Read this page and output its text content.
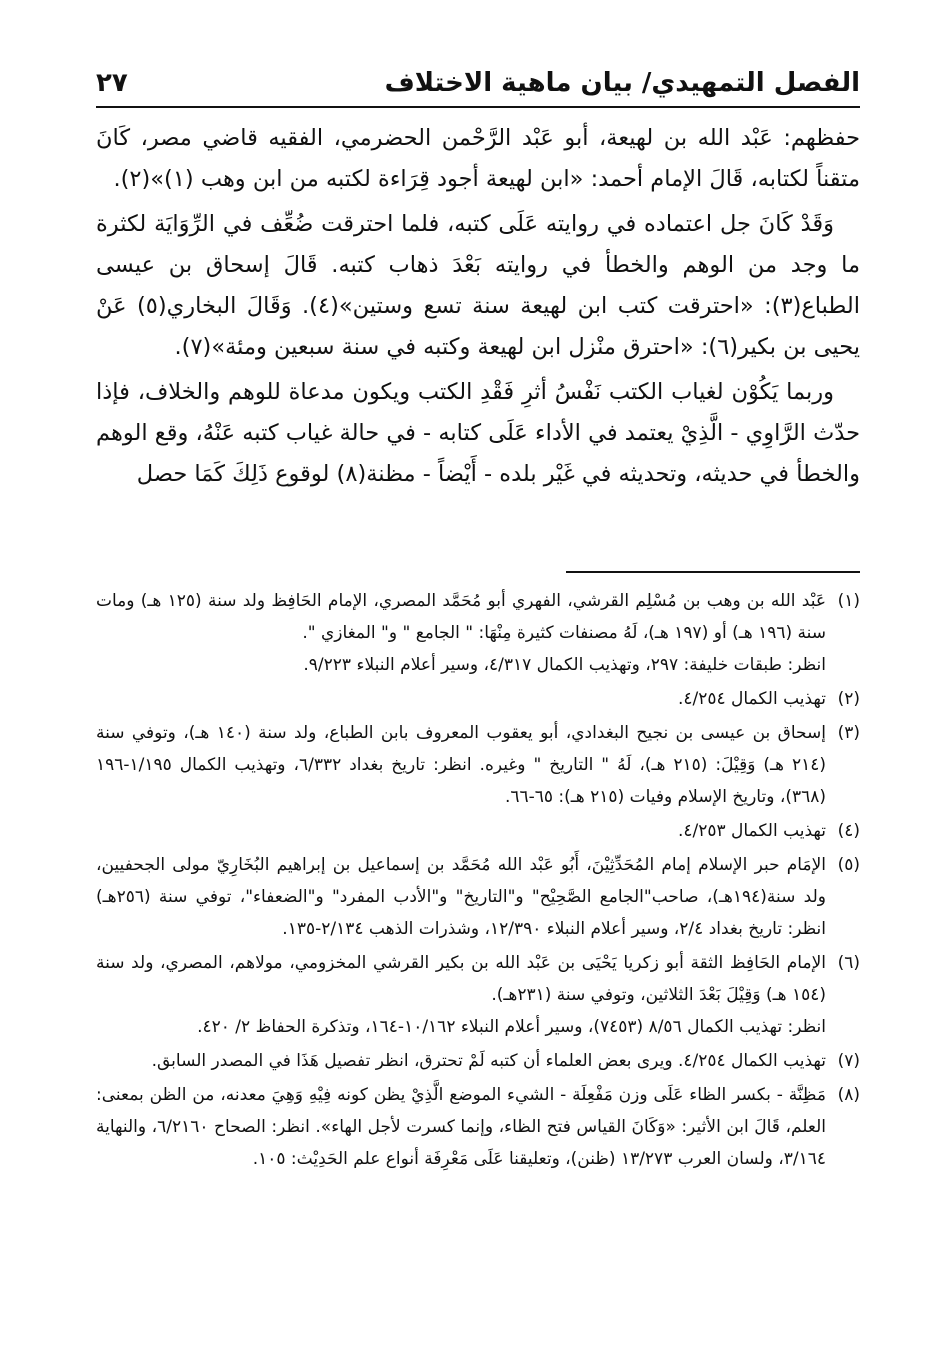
الفصل التمهيدي/ بيان ماهية الاختلاف
٢٧

حفظهم: عَبْد الله بن لهيعة، أبو عَبْد الرَّحْمن الحضرمي، الفقيه قاضي مصر، كَانَ متقناً لكتابه، قَالَ الإمام أحمد: «ابن لهيعة أجود قِرَاءة لكتبه من ابن وهب (١)»(٢).

وَقَدْ كَانَ جل اعتماده في روايته عَلَى كتبه، فلما احترقت ضُعِّف في الرِّوَايَة لكثرة ما وجد من الوهم والخطأ في روايته بَعْدَ ذهاب كتبه. قَالَ إسحاق بن عيسى الطباع(٣): «احترقت كتب ابن لهيعة سنة تسع وستين»(٤). وَقَالَ البخاري(٥) عَنْ يحيى بن بكير(٦): «احترق منْزل ابن لهيعة وكتبه في سنة سبعين ومئة»(٧).

وربما يَكُوْن لغياب الكتب نَفْسُ أثرِ فَقْدِ الكتب ويكون مدعاة للوهم والخلاف، فإذا حدّث الرَّاوِي - الَّذِيْ يعتمد في الأداء عَلَى كتابه - في حالة غياب كتبه عَنْهُ، وقع الوهم والخطأ في حديثه، وتحديثه في غَيْر بلده - أَيْضاً - مظنة(٨) لوقوع ذَلِكَ كَمَا حصل

(١)
عَبْد الله بن وهب بن مُسْلِم القرشي، الفهري أبو مُحَمَّد المصري، الإمام الحَافِظ ولد سنة (١٢٥ هـ) ومات سنة (١٩٦ هـ) أو (١٩٧ هـ)، لَهُ مصنفات كثيرة مِنْهَا: " الجامع " و" المغازي ".
انظر: طبقات خليفة: ٢٩٧، وتهذيب الكمال ٤/٣١٧، وسير أعلام النبلاء ٩/٢٢٣.
(٢)
تهذيب الكمال ٤/٢٥٤.
(٣)
إسحاق بن عيسى بن نجيح البغدادي، أبو يعقوب المعروف بابن الطباع، ولد سنة (١٤٠ هـ)، وتوفي سنة (٢١٤ هـ) وَقِيْلَ: (٢١٥ هـ)، لَهُ " التاريخ " وغيره. انظر: تاريخ بغداد ٦/٣٣٢، وتهذيب الكمال ١/١٩٥-١٩٦ (٣٦٨)، وتاريخ الإسلام وفيات (٢١٥ هـ): ٦٥-٦٦.
(٤)
تهذيب الكمال ٤/٢٥٣.
(٥)
الإمَام حبر الإسلام إمام المُحَدِّثِيْنَ، أَبُو عَبْد الله مُحَمَّد بن إسماعيل بن إبراهيم البُخَارِيّ مولى الجحفيين، ولد سنة(١٩٤هـ)، صاحب"الجامع الصَّحِيْح" و"التاريخ" و"الأدب المفرد" و"الضعفاء"، توفي سنة (٢٥٦هـ) انظر: تاريخ بغداد ٢/٤، وسير أعلام النبلاء ١٢/٣٩٠، وشذرات الذهب ٢/١٣٤-١٣٥.
(٦)
الإمام الحَافِظ الثقة أبو زكريا يَحْيَى بن عَبْد الله بن بكير القرشي المخزومي، مولاهم، المصري، ولد سنة (١٥٤ هـ) وَقِيْلَ بَعْدَ الثلاثين، وتوفي سنة (٢٣١هـ).
انظر: تهذيب الكمال ٨/٥٦ (٧٤٥٣)، وسير أعلام النبلاء ١٠/١٦٢-١٦٤، وتذكرة الحفاظ ٢/ ٤٢٠.
(٧)
تهذيب الكمال ٤/٢٥٤. ويرى بعض العلماء أن كتبه لَمْ تحترق، انظر تفصيل هَذَا في المصدر السابق.
(٨)
مَظِنَّة - بكسر الظاء عَلَى وزن مَفْعِلَة - الشيء الموضع الَّذِيْ يظن كونه فِيْهِ وَهِيَ معدنه، من الظن بمعنى: العلم، قَالَ ابن الأثير: «وَكَانَ القياس فتح الظاء، وإنما كسرت لأجل الهاء». انظر: الصحاح ٦/٢١٦٠، والنهاية ٣/١٦٤، ولسان العرب ١٣/٢٧٣ (ظنن)، وتعليقنا عَلَى مَعْرِفَة أنواع علم الحَدِيْث: ١٠٥.
